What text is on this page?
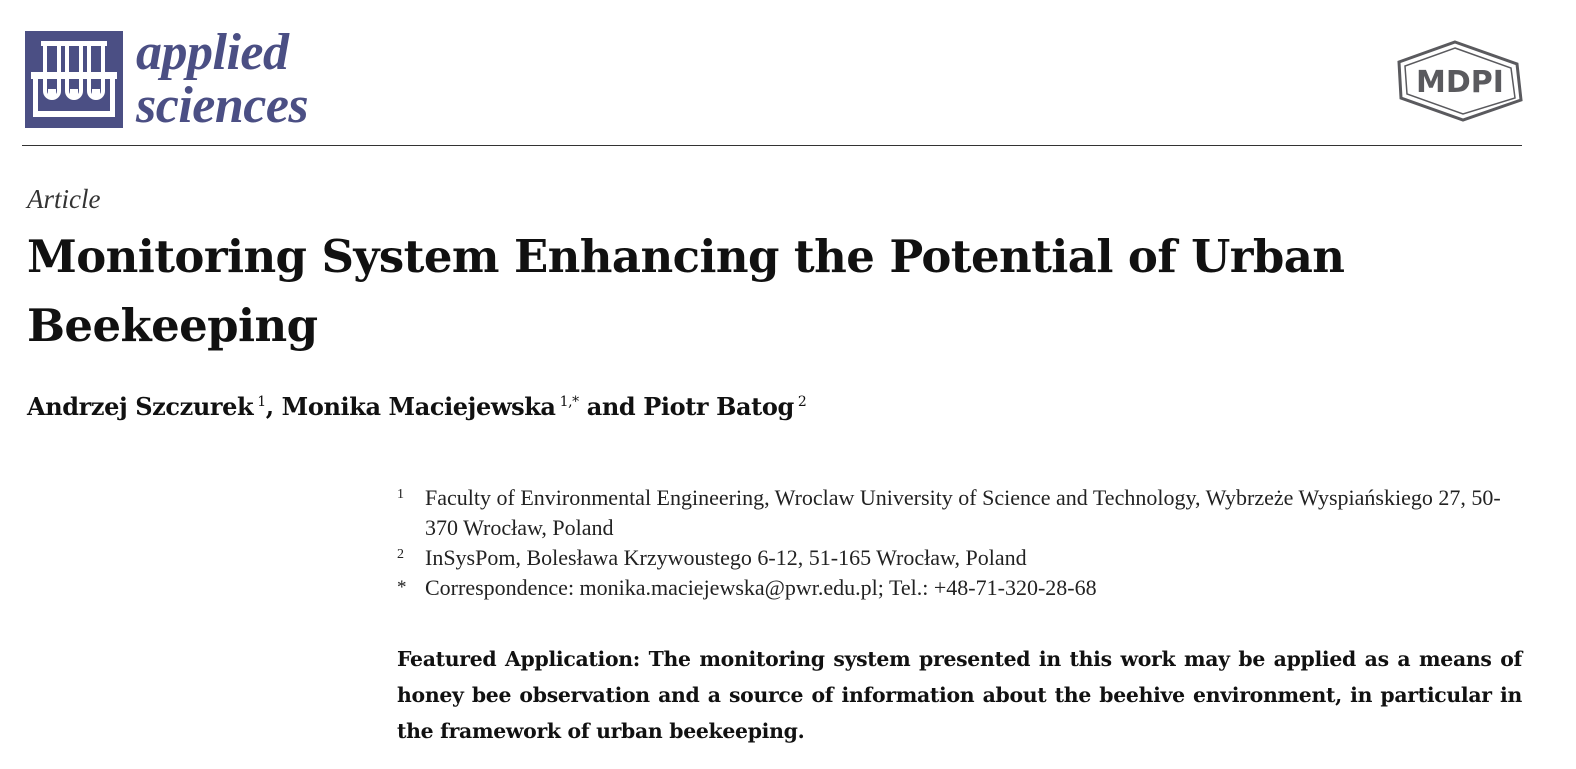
applied
sciences	MDPI
Article
Monitoring System Enhancing the Potential of Urban Beekeeping
Andrzej Szczurek $^1$, Monika Maciejewska $^{1,*}$ and Piotr Batog $^2$
1 Faculty of Environmental Engineering, Wroclaw University of Science and Technology, Wybrzeże Wyspiańskiego 27, 50-370 Wrocław, Poland
2 InSysPom, Bolesława Krzywoustego 6-12, 51-165 Wrocław, Poland
* Correspondence: monika.maciejewska@pwr.edu.pl; Tel.: +48-71-320-28-68

Featured Application: The monitoring system presented in this work may be applied as a means of honey bee observation and a source of information about the beehive environment, in particular in the framework of urban beekeeping.
